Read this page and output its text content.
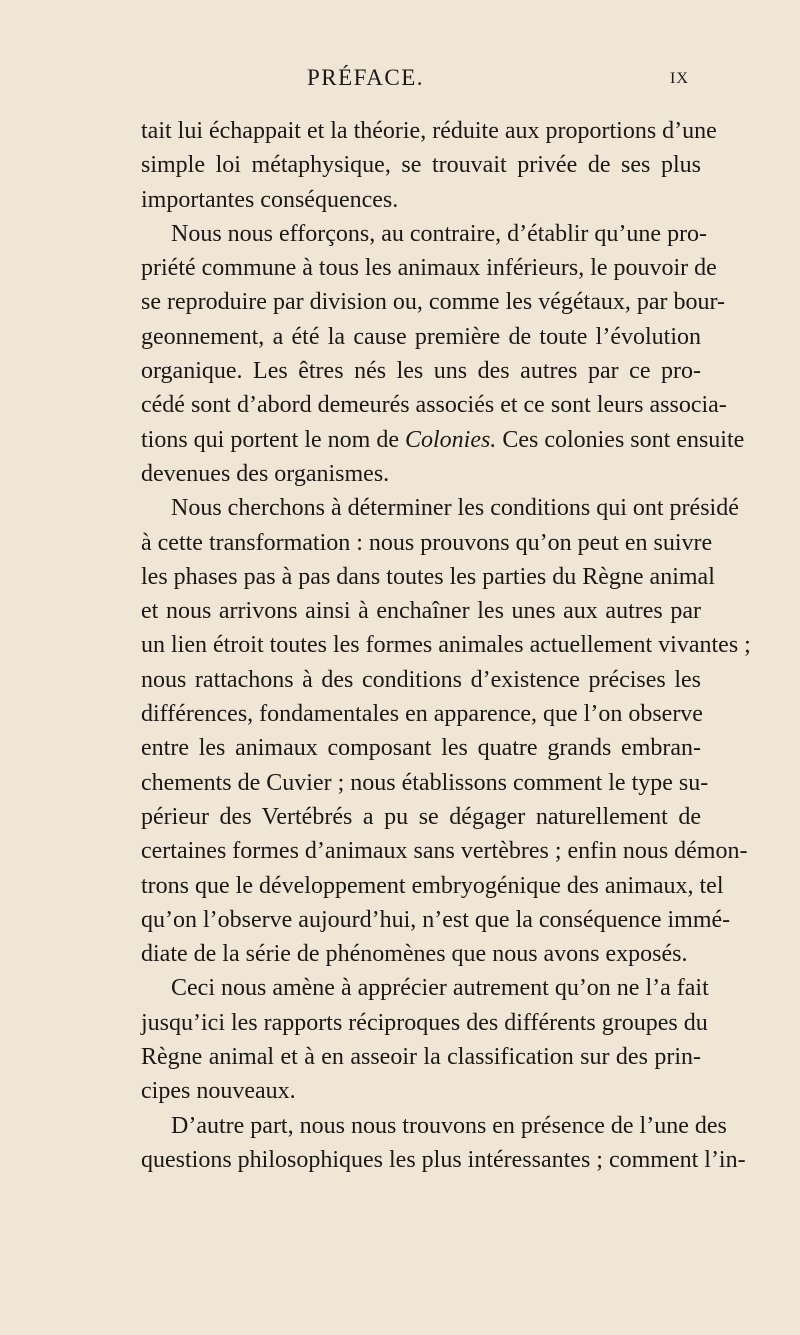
PRÉFACE.	IX

tait lui échappait et la théorie, réduite aux proportions d’une
simple loi métaphysique, se trouvait privée de ses plus
importantes conséquences.

Nous nous efforçons, au contraire, d’établir qu’une pro-
priété commune à tous les animaux inférieurs, le pouvoir de
se reproduire par division ou, comme les végétaux, par bour-
geonnement, a été la cause première de toute l’évolution
organique. Les êtres nés les uns des autres par ce pro-
cédé sont d’abord demeurés associés et ce sont leurs associa-
tions qui portent le nom de Colonies. Ces colonies sont ensuite
devenues des organismes.

Nous cherchons à déterminer les conditions qui ont présidé
à cette transformation : nous prouvons qu’on peut en suivre
les phases pas à pas dans toutes les parties du Règne animal
et nous arrivons ainsi à enchaîner les unes aux autres par
un lien étroit toutes les formes animales actuellement vivantes ;
nous rattachons à des conditions d’existence précises les
différences, fondamentales en apparence, que l’on observe
entre les animaux composant les quatre grands embran-
chements de Cuvier ; nous établissons comment le type su-
périeur des Vertébrés a pu se dégager naturellement de
certaines formes d’animaux sans vertèbres ; enfin nous démon-
trons que le développement embryogénique des animaux, tel
qu’on l’observe aujourd’hui, n’est que la conséquence immé-
diate de la série de phénomènes que nous avons exposés.

Ceci nous amène à apprécier autrement qu’on ne l’a fait
jusqu’ici les rapports réciproques des différents groupes du
Règne animal et à en asseoir la classification sur des prin-
cipes nouveaux.

D’autre part, nous nous trouvons en présence de l’une des
questions philosophiques les plus intéressantes ; comment l’in-
